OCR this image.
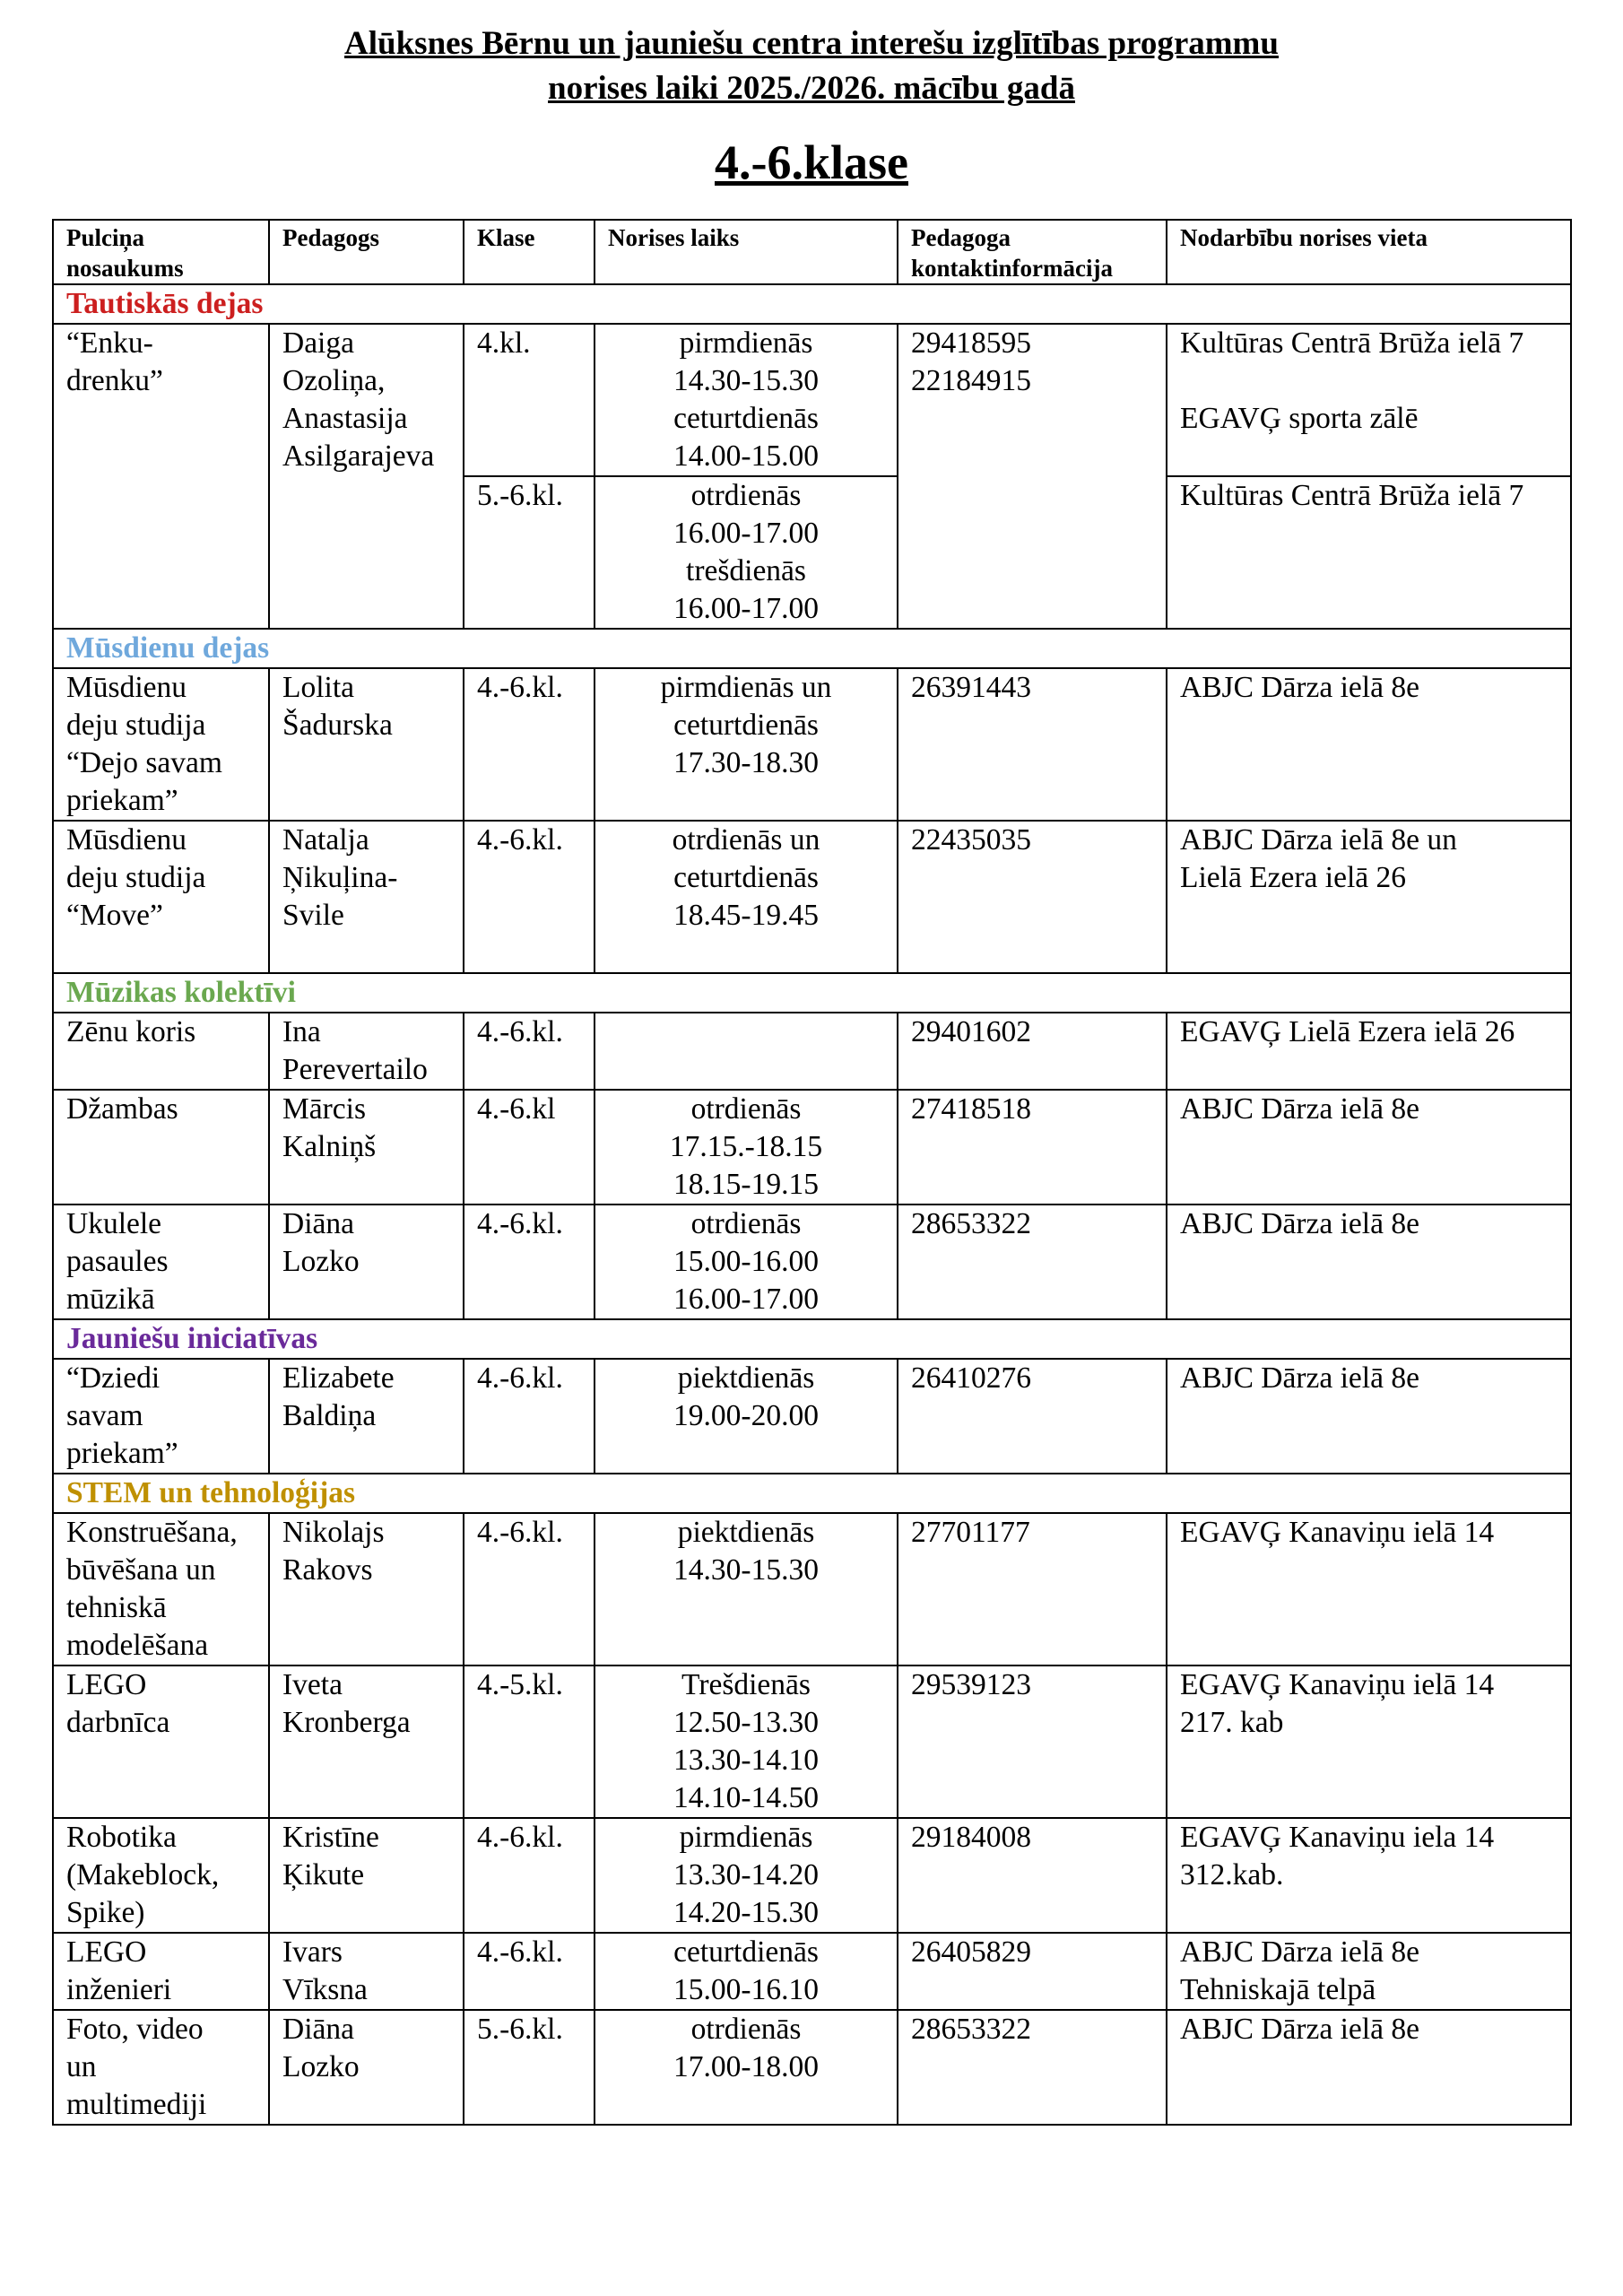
Alūksnes Bērnu un jauniešu centra interešu izglītības programmu
norises laiki 2025./2026. mācību gadā
4.-6.klase
Pulciņa
nosaukums	Pedagogs	Klase	Norises laiks	Pedagoga
kontaktinformācija	Nodarbību norises vieta

Tautiskās dejas					

“Enku-
drenku”	Daiga
Ozoliņa,
Anastasija
Asilgarajeva	4.kl.	pirmdienās
14.30-15.30
ceturtdienās
14.00-15.00	29418595
22184915	Kultūras Centrā Brūža ielā 7
EGAVĢ sporta zālē

		5.-6.kl.	otrdienās
16.00-17.00
trešdienās
16.00-17.00		Kultūras Centrā Brūža ielā 7
Mūsdienu dejas					

Mūsdienu
deju studija
“Dejo savam
priekam”	Lolita
Šadurska	4.-6.kl.	pirmdienās un
ceturtdienās
17.30-18.30	26391443	ABJC Dārza ielā 8e

Mūsdienu
deju studija
“Move”	Natalja
Ņikuļina-
Svile	4.-6.kl.	otrdienās un
ceturtdienās
18.45-19.45	22435035	ABJC Dārza ielā 8e un
Lielā Ezera ielā 26

Mūzikas kolektīvi					

Zēnu koris	Ina
Perevertailo	4.-6.kl.		29401602	EGAVĢ Lielā Ezera ielā 26

Džambas	Mārcis
Kalniņš	4.-6.kl	otrdienās
17.15.-18.15
18.15-19.15	27418518	ABJC Dārza ielā 8e

Ukulele
pasaules
mūzikā	Diāna
Lozko	4.-6.kl.	otrdienās
15.00-16.00
16.00-17.00	28653322	ABJC Dārza ielā 8e

Jauniešu iniciatīvas					

“Dziedi
savam
priekam”	Elizabete
Baldiņa	4.-6.kl.	piektdienās
19.00-20.00	26410276	ABJC Dārza ielā 8e

STEM un tehnoloģijas					

Konstruēšana,
būvēšana un
tehniskā
modelēšana	Nikolajs
Rakovs	4.-6.kl.	piektdienās
14.30-15.30	27701177	EGAVĢ Kanaviņu ielā 14

LEGO
darbnīca	Iveta
Kronberga	4.-5.kl.	Trešdienās
12.50-13.30
13.30-14.10
14.10-14.50	29539123	EGAVĢ Kanaviņu ielā 14
217. kab

Robotika
(Makeblock,
Spike)	Kristīne
Ķikute	4.-6.kl.	pirmdienās
13.30-14.20
14.20-15.30	29184008	EGAVĢ Kanaviņu iela 14
312.kab.

LEGO
inženieri	Ivars
Vīksna	4.-6.kl.	ceturtdienās
15.00-16.10	26405829	ABJC Dārza ielā 8e
Tehniskajā telpā

Foto, video
un
multimediji	Diāna
Lozko	5.-6.kl.	otrdienās
17.00-18.00	28653322	ABJC Dārza ielā 8e
